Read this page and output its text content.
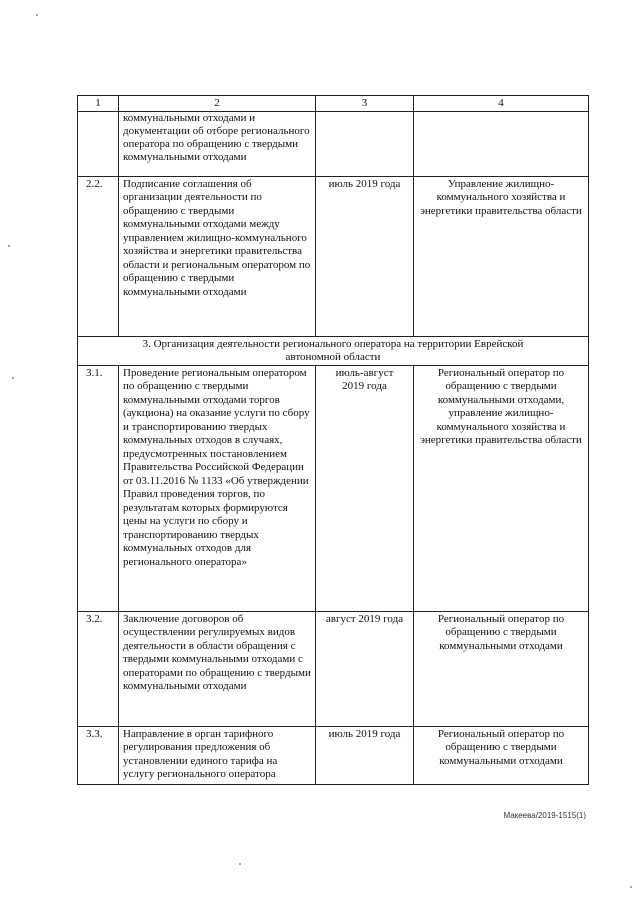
1	2	3	4
	коммунальными отходами и документации об отборе регионального оператора по обращению с твердыми коммунальными отходами		
2.2.	Подписание соглашения об организации деятельности по обращению с твердыми коммунальными отходами между управлением жилищно-коммунального хозяйства и энергетики правительства области и региональным оператором по обращению с твердыми коммунальными отходами	июль 2019 года	Управление жилищно-коммунального хозяйства и энергетики правительства области
3. Организация деятельности регионального оператора на территории Еврейской автономной области			
3.1.	Проведение региональным оператором по обращению с твердыми коммунальными отходами торгов (аукциона) на оказание услуги по сбору и транспортированию твердых коммунальных отходов в случаях, предусмотренных постановлением Правительства Российской Федерации от 03.11.2016 № 1133 «Об утверждении Правил проведения торгов, по результатам которых формируются цены на услуги по сбору и транспортированию твердых коммунальных отходов для регионального оператора»	июль-август 2019 года	Региональный оператор по обращению с твердыми коммунальными отходами, управление жилищно-коммунального хозяйства и энергетики правительства области
3.2.	Заключение договоров об осуществлении регулируемых видов деятельности в области обращения с твердыми коммунальными отходами с операторами по обращению с твердыми коммунальными отходами	август 2019 года	Региональный оператор по обращению с твердыми коммунальными отходами
3.3.	Направление в орган тарифного регулирования предложения об установлении единого тарифа на услугу регионального оператора	июль 2019 года	Региональный оператор по обращению с твердыми коммунальными отходами
Макеева/2019-1515(1)
